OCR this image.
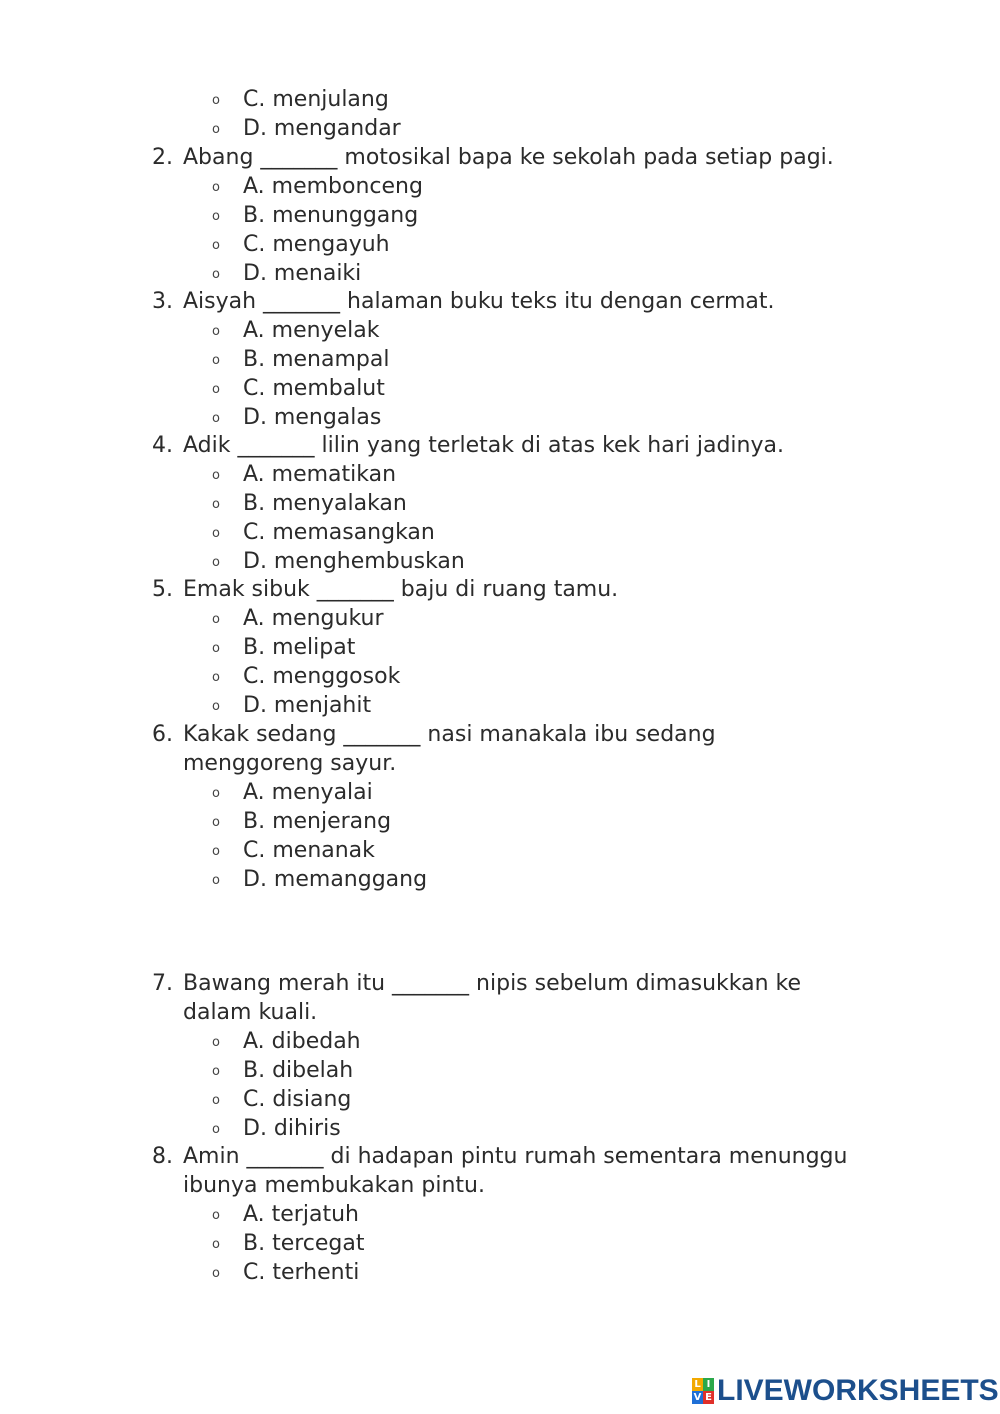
o C. menjulang
o D. mengandar
2. Abang _______ motosikal bapa ke sekolah pada setiap pagi.
o A. membonceng
o B. menunggang
o C. mengayuh
o D. menaiki
3. Aisyah _______ halaman buku teks itu dengan cermat.
o A. menyelak
o B. menampal
o C. membalut
o D. mengalas
4. Adik _______ lilin yang terletak di atas kek hari jadinya.
o A. mematikan
o B. menyalakan
o C. memasangkan
o D. menghembuskan
5. Emak sibuk _______ baju di ruang tamu.
o A. mengukur
o B. melipat
o C. menggosok
o D. menjahit
6. Kakak sedang _______ nasi manakala ibu sedang
menggoreng sayur.
o A. menyalai
o B. menjerang
o C. menanak
o D. memanggang
7. Bawang merah itu _______ nipis sebelum dimasukkan ke
dalam kuali.
o A. dibedah
o B. dibelah
o C. disiang
o D. dihiris
8. Amin _______ di hadapan pintu rumah sementara menunggu
ibunya membukakan pintu.
o A. terjatuh
o B. tercegat
o C. terhenti
L I
V E LIVEWORKSHEETS
